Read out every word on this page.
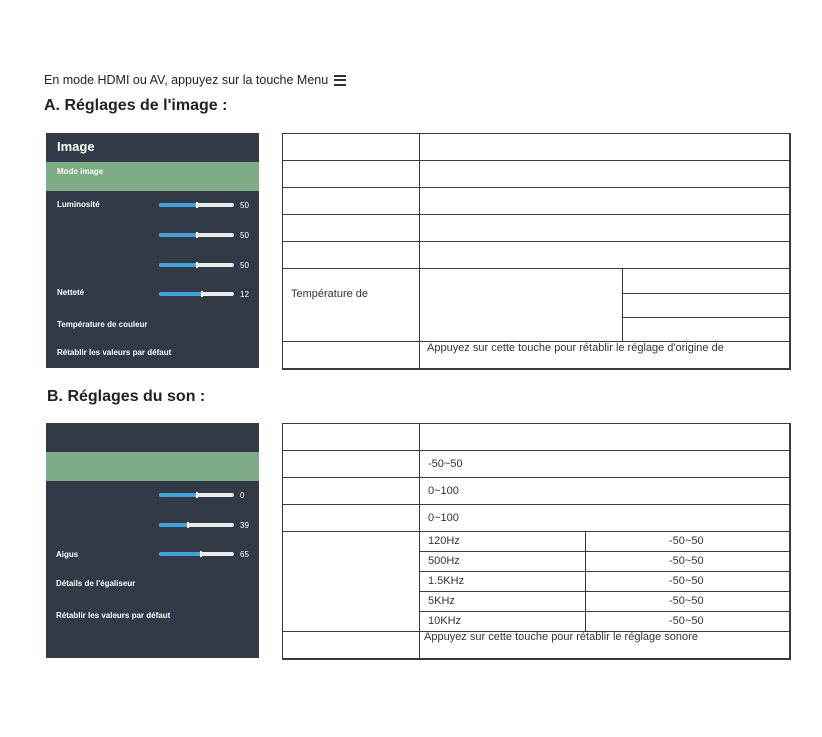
En mode HDMI ou AV, appuyez sur la touche Menu
A. Réglages de l'image :
Image
Mode image
Luminosité	50
50
50
Netteté	12
Température de couleur
Rétablir les valeurs par défaut
Température de
Appuyez sur cette touche pour rétablir le réglage d'origine de
B. Réglages du son :
0
39
Aigus	65
Détails de l'égaliseur
Rétablir les valeurs par défaut
-50~50
0~100
0~100
120Hz	-50~50
500Hz	-50~50
1.5KHz	-50~50
5KHz	-50~50
10KHz	-50~50
Appuyez sur cette touche pour rétablir le réglage sonore
